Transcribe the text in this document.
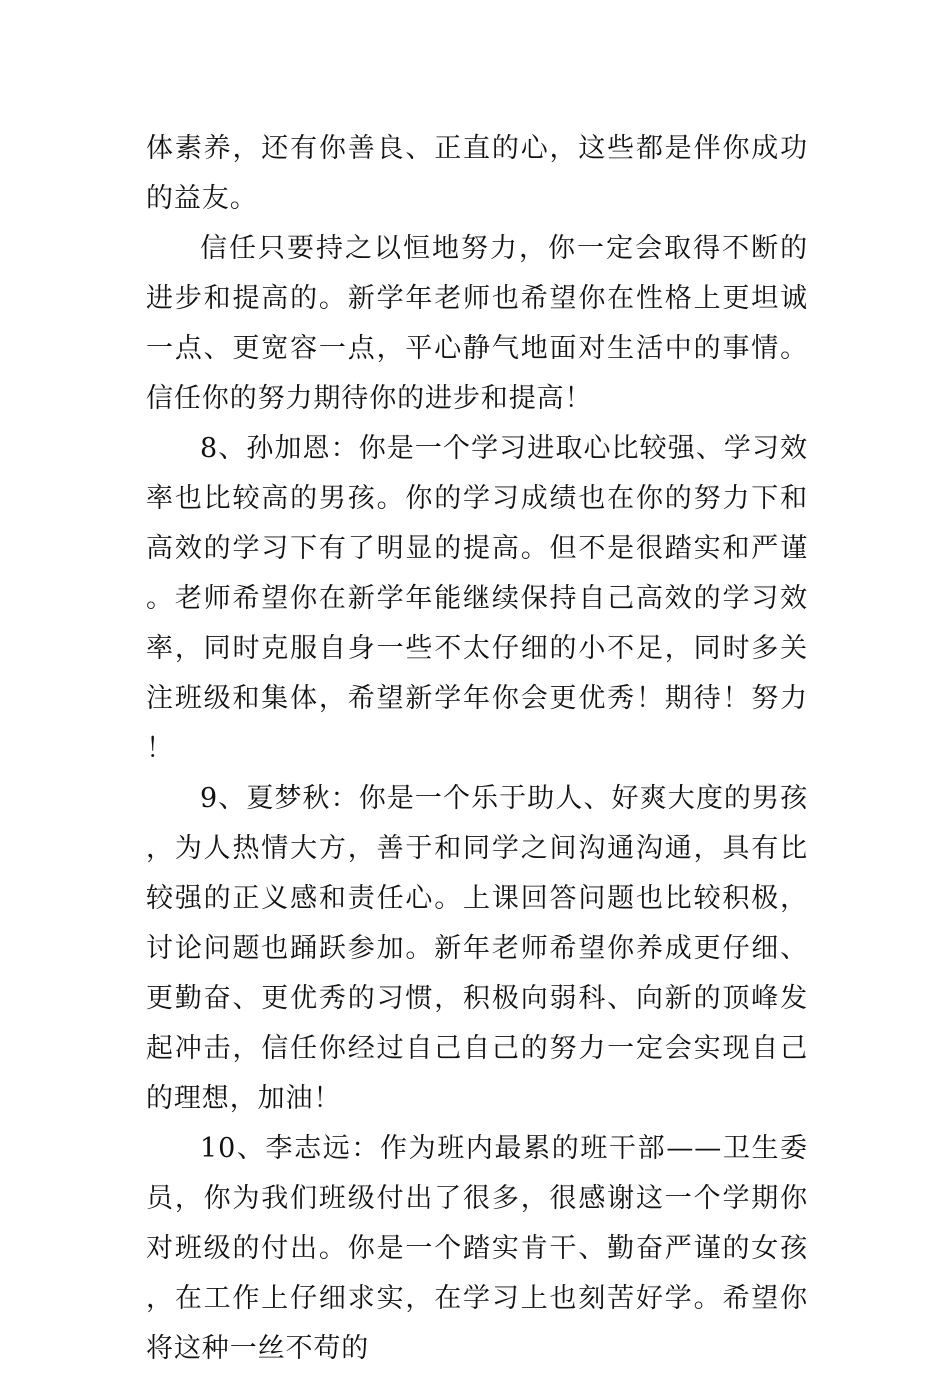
体素养，还有你善良、正直的心，这些都是伴你成功的益友。

信任只要持之以恒地努力，你一定会取得不断的进步和提高的。新学年老师也希望你在性格上更坦诚一点、更宽容一点，平心静气地面对生活中的事情。信任你的努力期待你的进步和提高！

8、孙加恩：你是一个学习进取心比较强、学习效率也比较高的男孩。你的学习成绩也在你的努力下和高效的学习下有了明显的提高。但不是很踏实和严谨。老师希望你在新学年能继续保持自己高效的学习效率，同时克服自身一些不太仔细的小不足，同时多关注班级和集体，希望新学年你会更优秀！期待！努力！

9、夏梦秋：你是一个乐于助人、好爽大度的男孩，为人热情大方，善于和同学之间沟通沟通，具有比较强的正义感和责任心。上课回答问题也比较积极，讨论问题也踊跃参加。新年老师希望你养成更仔细、更勤奋、更优秀的习惯，积极向弱科、向新的顶峰发起冲击，信任你经过自己自己的努力一定会实现自己的理想，加油！

10、李志远：作为班内最累的班干部——卫生委员，你为我们班级付出了很多，很感谢这一个学期你对班级的付出。你是一个踏实肯干、勤奋严谨的女孩，在工作上仔细求实，在学习上也刻苦好学。希望你将这种一丝不苟的
